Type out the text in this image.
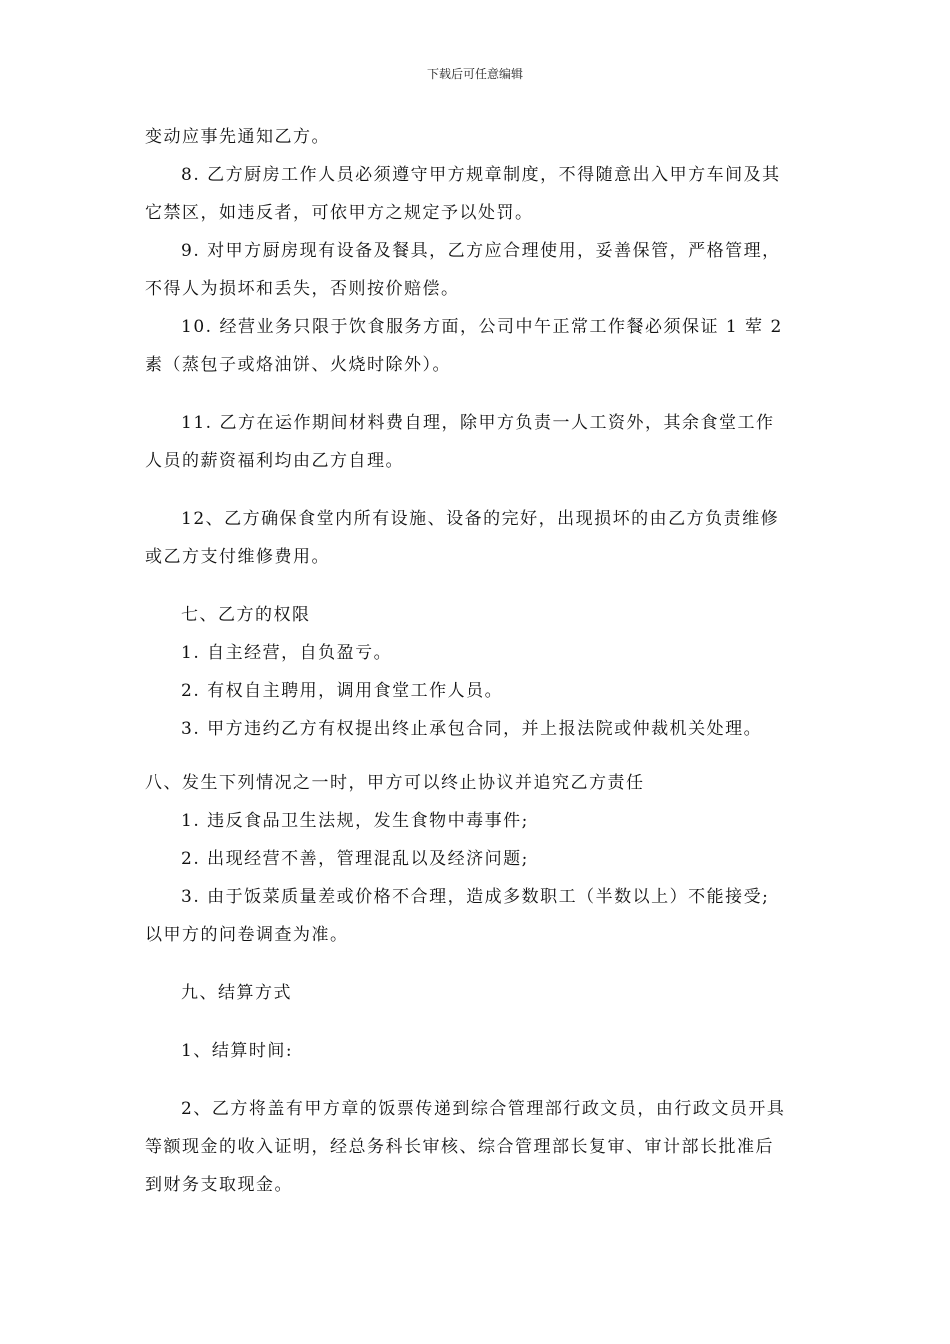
下载后可任意编辑

变动应事先通知乙方。

8. 乙方厨房工作人员必须遵守甲方规章制度，不得随意出入甲方车间及其

它禁区，如违反者，可依甲方之规定予以处罚。

9. 对甲方厨房现有设备及餐具，乙方应合理使用，妥善保管，严格管理，

不得人为损坏和丢失，否则按价赔偿。

10. 经营业务只限于饮食服务方面，公司中午正常工作餐必须保证 1 荤 2

素（蒸包子或烙油饼、火烧时除外）。

11. 乙方在运作期间材料费自理，除甲方负责一人工资外，其余食堂工作

人员的薪资福利均由乙方自理。

12、乙方确保食堂内所有设施、设备的完好，出现损坏的由乙方负责维修

或乙方支付维修费用。

七、乙方的权限

1. 自主经营，自负盈亏。

2. 有权自主聘用，调用食堂工作人员。

3. 甲方违约乙方有权提出终止承包合同，并上报法院或仲裁机关处理。

八、发生下列情况之一时，甲方可以终止协议并追究乙方责任

1. 违反食品卫生法规，发生食物中毒事件;

2. 出现经营不善，管理混乱以及经济问题;

3. 由于饭菜质量差或价格不合理，造成多数职工（半数以上）不能接受;

以甲方的问卷调查为准。

九、结算方式

1、结算时间:

2、乙方将盖有甲方章的饭票传递到综合管理部行政文员，由行政文员开具

等额现金的收入证明，经总务科长审核、综合管理部长复审、审计部长批准后

到财务支取现金。
